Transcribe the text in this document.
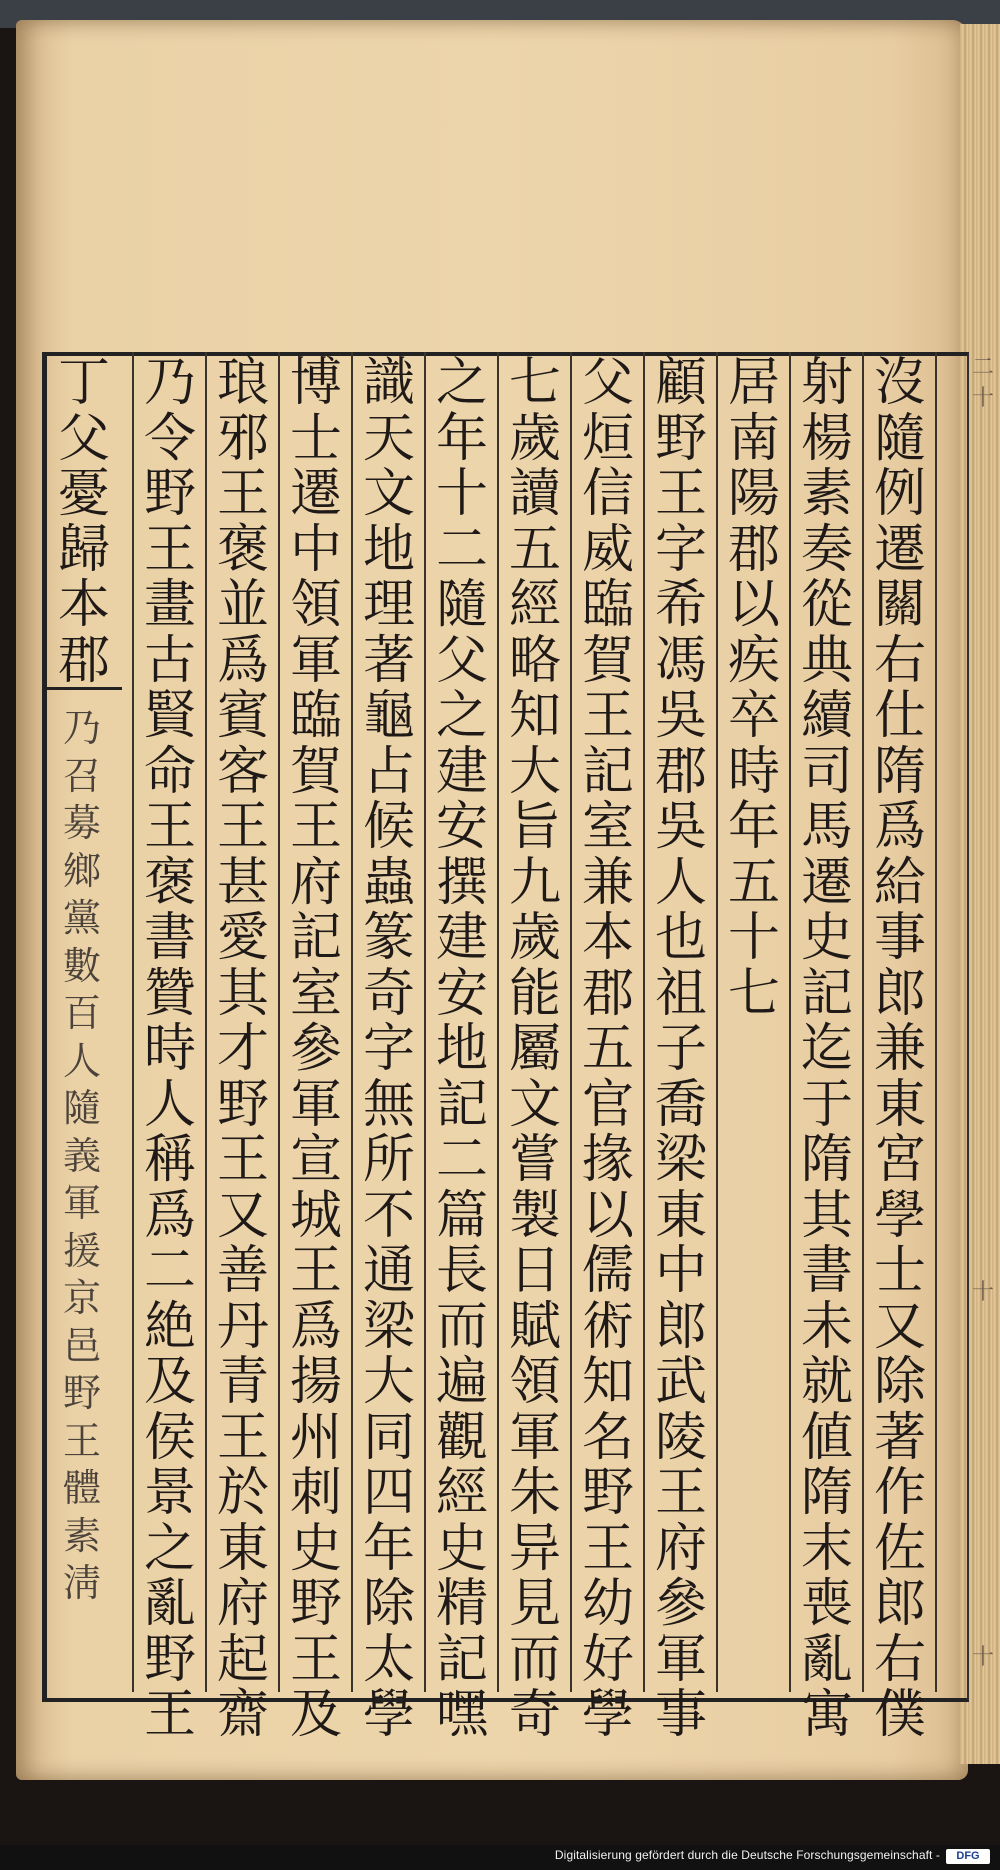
沒隨例遷關右仕隋爲給事郎兼東宮學士又除著作佐郎右僕
射楊素奏從典續司馬遷史記迄于隋其書未就値隋末喪亂寓
居南陽郡以疾卒時年五十七
顧野王字希馮吳郡吳人也祖子喬梁東中郎武陵王府參軍事
父烜信威臨賀王記室兼本郡五官掾以儒術知名野王幼好學
七歲讀五經略知大旨九歲能屬文嘗製日賦領軍朱异見而奇
之年十二隨父之建安撰建安地記二篇長而遍觀經史精記嘿
識天文地理著龜占候蟲篆奇字無所不通梁大同四年除太學
博士遷中領軍臨賀王府記室參軍宣城王爲揚州刺史野王及
琅邪王褒並爲賓客王甚愛其才野王又善丹青王於東府起齋
乃令野王畫古賢命王褒書贊時人稱爲二絶及侯景之亂野王
丁父憂歸本郡
乃召募鄉黨數百人隨義軍援京邑野王體素淸
二十
十
十
Digitalisierung gefördert durch die Deutsche Forschungsgemeinschaft -	DFG
